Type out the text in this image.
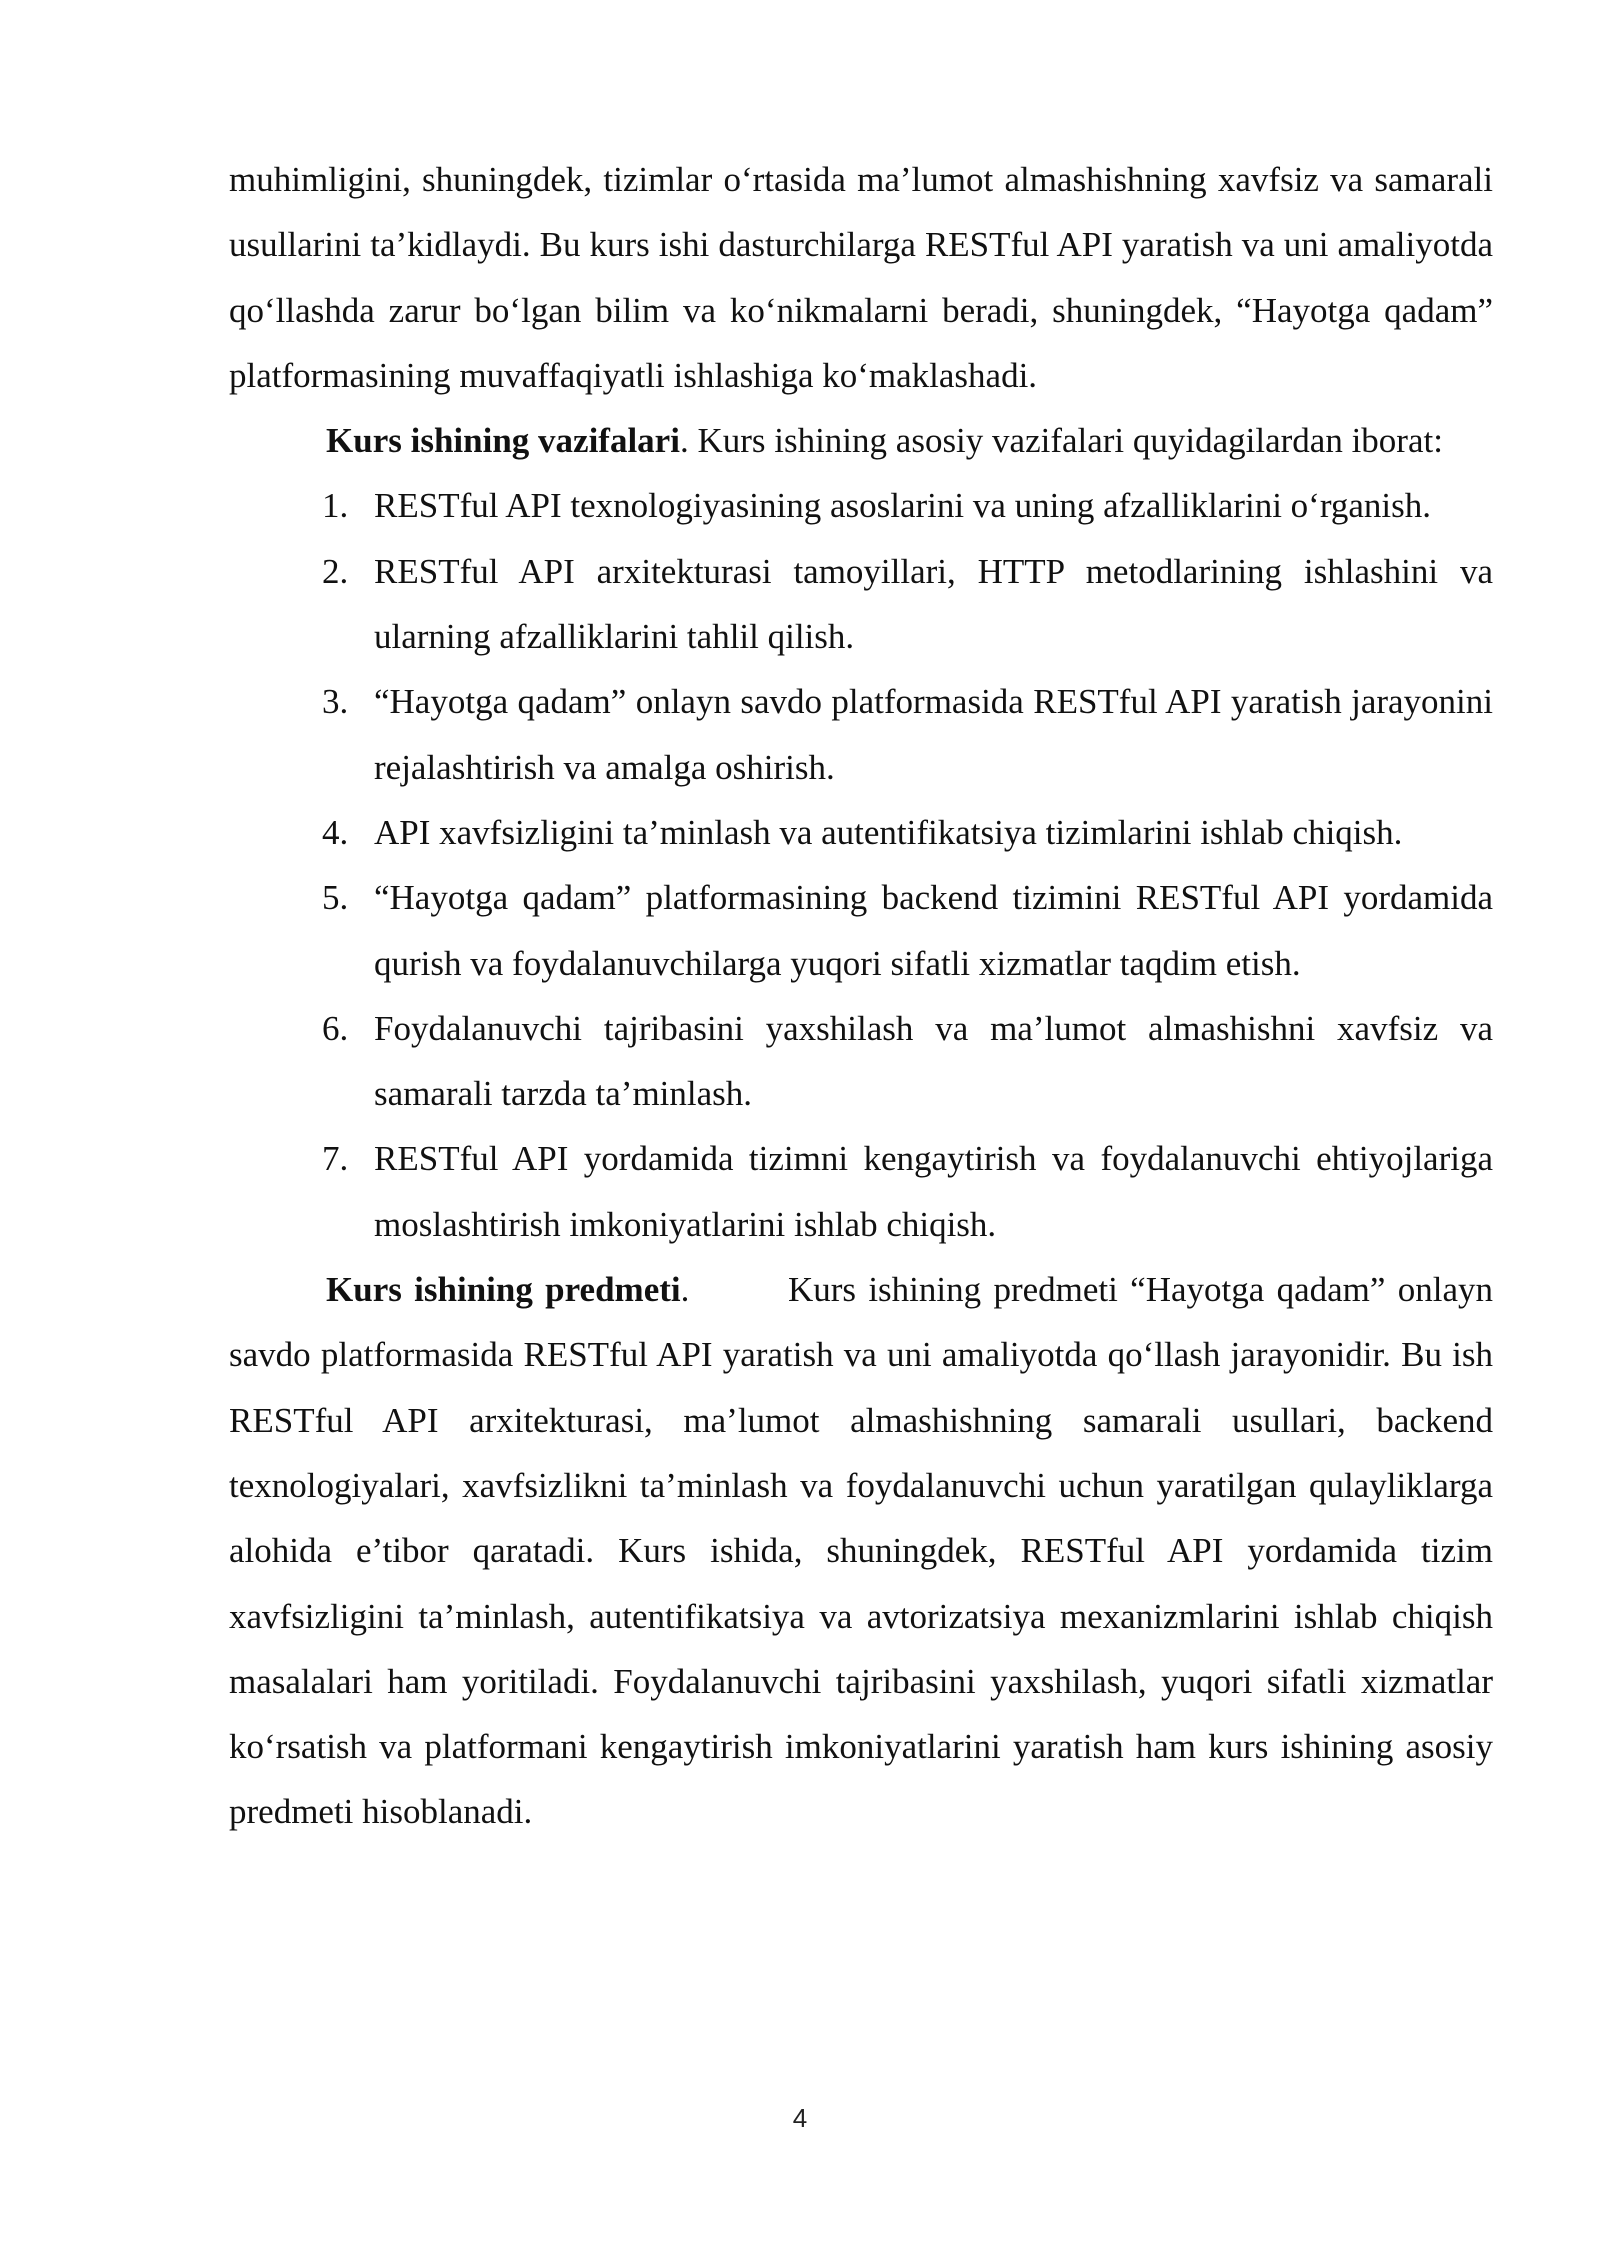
muhimligini, shuningdek, tizimlar o‘rtasida ma’lumot almashishning xavfsiz va samarali usullarini ta’kidlaydi. Bu kurs ishi dasturchilarga RESTful API yaratish va uni amaliyotda qo‘llashda zarur bo‘lgan bilim va ko‘nikmalarni beradi, shuningdek, “Hayotga qadam” platformasining muvaffaqiyatli ishlashiga ko‘maklashadi.

Kurs ishining vazifalari. Kurs ishining asosiy vazifalari quyidagilardan iborat:

1. RESTful API texnologiyasining asoslarini va uning afzalliklarini o‘rganish.
2. RESTful API arxitekturasi tamoyillari, HTTP metodlarining ishlashini va ularning afzalliklarini tahlil qilish.
3. “Hayotga qadam” onlayn savdo platformasida RESTful API yaratish jarayonini rejalashtirish va amalga oshirish.
4. API xavfsizligini ta’minlash va autentifikatsiya tizimlarini ishlab chiqish.
5. “Hayotga qadam” platformasining backend tizimini RESTful API yordamida qurish va foydalanuvchilarga yuqori sifatli xizmatlar taqdim etish.
6. Foydalanuvchi tajribasini yaxshilash va ma’lumot almashishni xavfsiz va samarali tarzda ta’minlash.
7. RESTful API yordamida tizimni kengaytirish va foydalanuvchi ehtiyojlariga moslashtirish imkoniyatlarini ishlab chiqish.

Kurs ishining predmeti.        Kurs ishining predmeti “Hayotga qadam” onlayn savdo platformasida RESTful API yaratish va uni amaliyotda qo‘llash jarayonidir. Bu ish RESTful API arxitekturasi, ma’lumot almashishning samarali usullari, backend texnologiyalari, xavfsizlikni ta’minlash va foydalanuvchi uchun yaratilgan qulayliklarga alohida e’tibor qaratadi. Kurs ishida, shuningdek, RESTful API yordamida tizim xavfsizligini ta’minlash, autentifikatsiya va avtorizatsiya mexanizmlarini ishlab chiqish masalalari ham yoritiladi. Foydalanuvchi tajribasini yaxshilash, yuqori sifatli xizmatlar ko‘rsatish va platformani kengaytirish imkoniyatlarini yaratish ham kurs ishining asosiy predmeti hisoblanadi.

4
